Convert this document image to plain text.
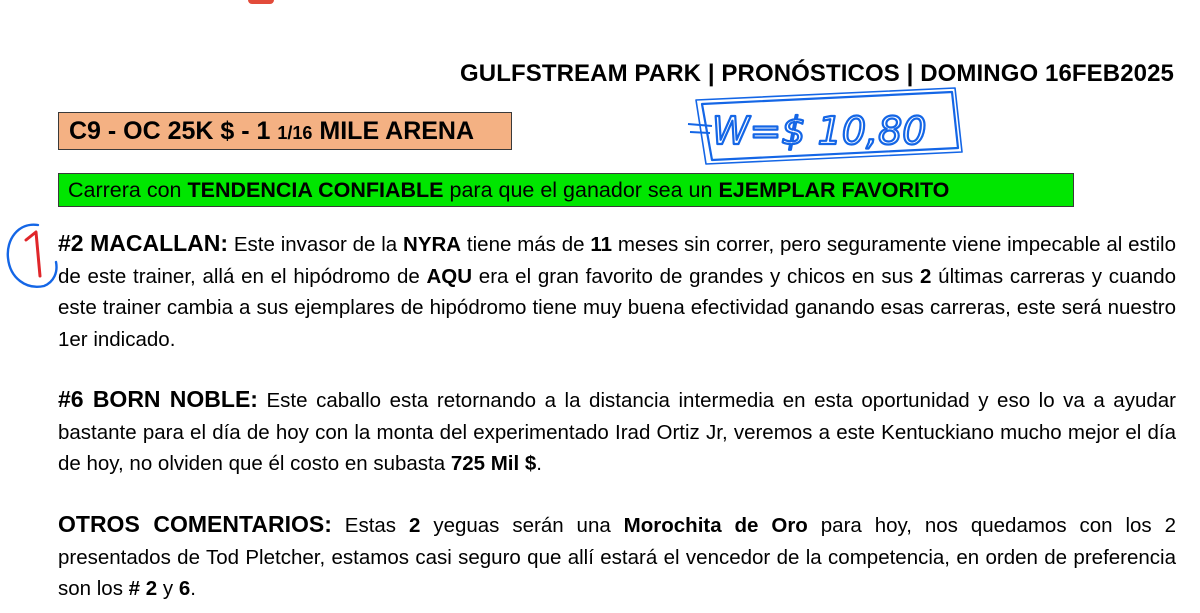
GULFSTREAM PARK | PRONÓSTICOS | DOMINGO 16FEB2025
C9 - OC 25K $ - 1 1/16 MILE ARENA
Carrera con TENDENCIA CONFIABLE para que el ganador sea un EJEMPLAR FAVORITO
#2 MACALLAN: Este invasor de la NYRA tiene más de 11 meses sin correr, pero seguramente viene impecable al estilo de este trainer, allá en el hipódromo de AQU era el gran favorito de grandes y chicos en sus 2 últimas carreras y cuando este trainer cambia a sus ejemplares de hipódromo tiene muy buena efectividad ganando esas carreras, este será nuestro 1er indicado.
#6 BORN NOBLE: Este caballo esta retornando a la distancia intermedia en esta oportunidad y eso lo va a ayudar bastante para el día de hoy con la monta del experimentado Irad Ortiz Jr, veremos a este Kentuckiano mucho mejor el día de hoy, no olviden que él costo en subasta 725 Mil $.
OTROS COMENTARIOS: Estas 2 yeguas serán una Morochita de Oro para hoy, nos quedamos con los 2 presentados de Tod Pletcher, estamos casi seguro que allí estará el vencedor de la competencia, en orden de preferencia son los # 2 y 6.
W=$ 10,80
